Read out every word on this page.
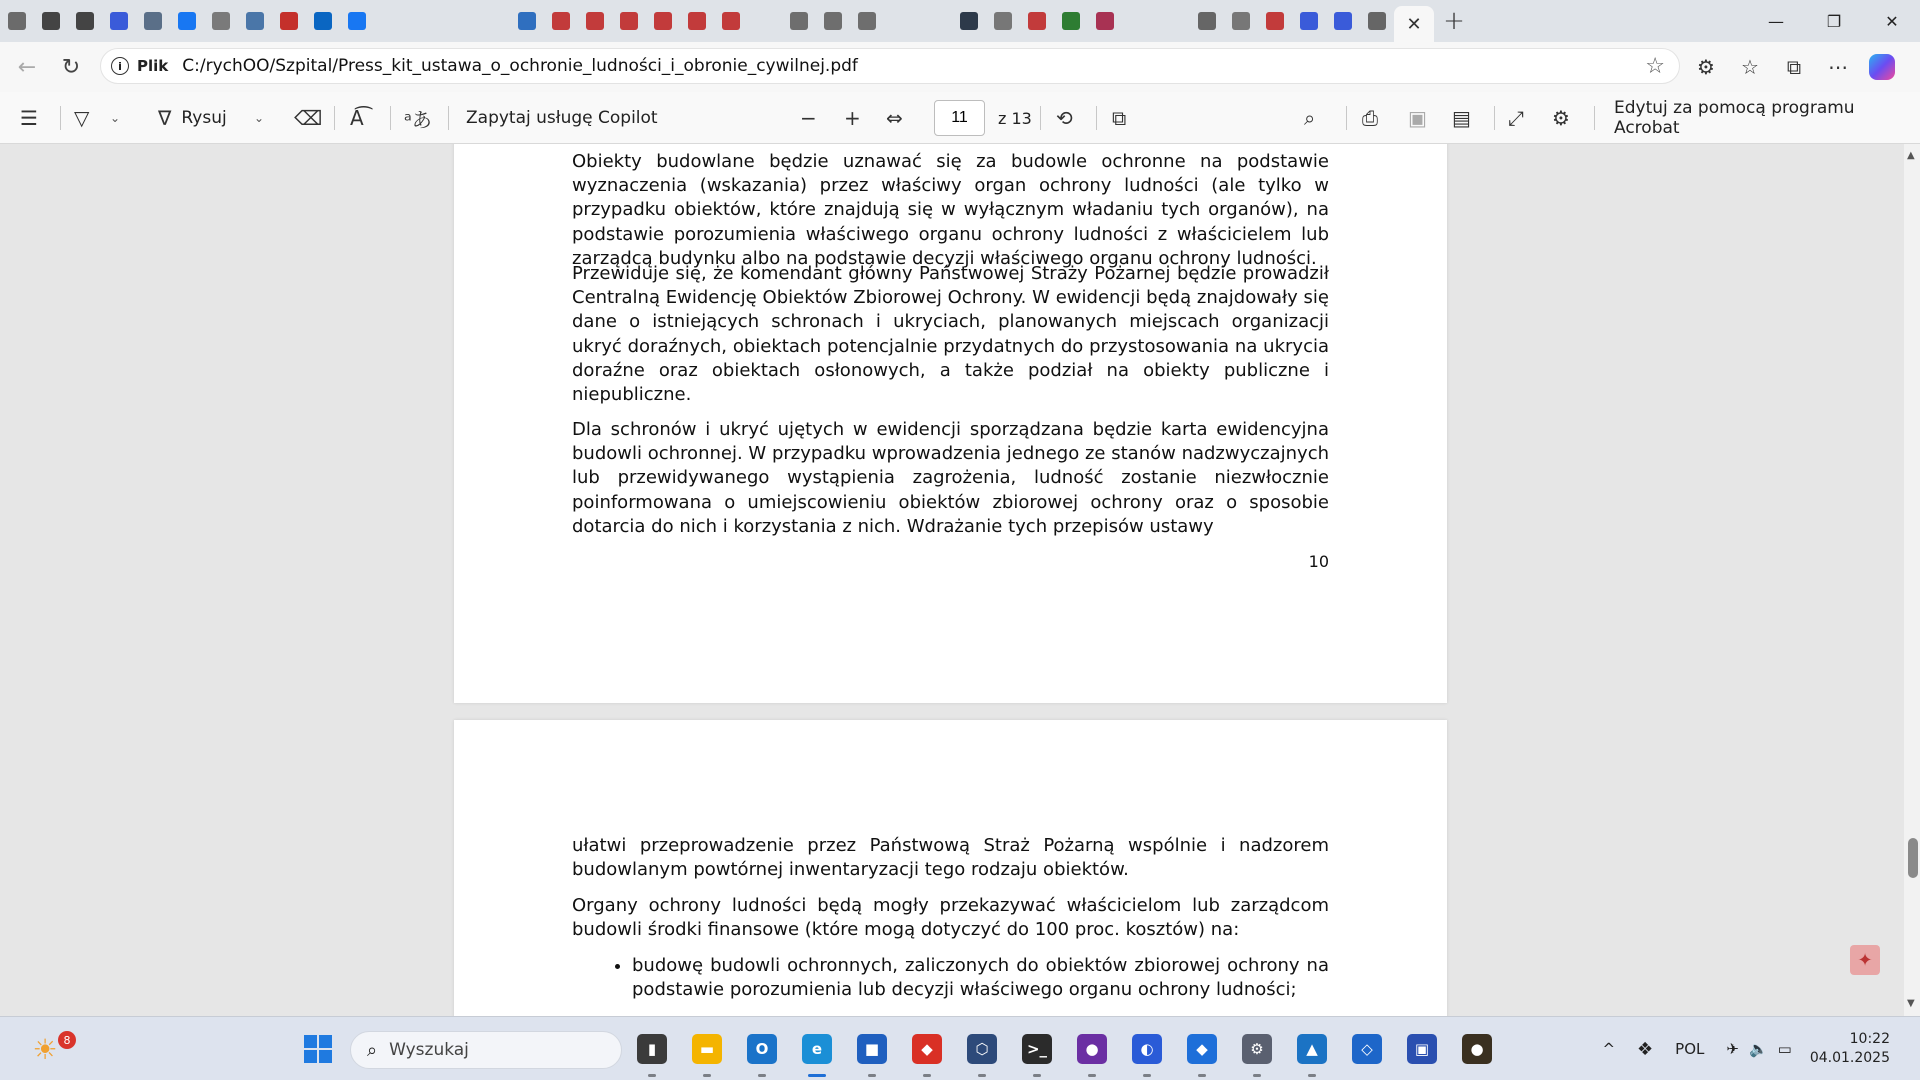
✕ +	—	❐	✕
← ↻	i	Plik C:/rychOO/Szpital/Press_kit_ustawa_o_ochronie_ludności_i_obronie_cywilnej.pdf	☆ ⚙ ☆ ⧉ ⋯
☰ ▽ ⌄ ∇ Rysuj ⌄ ⌫ A͡ ᵃあ Zapytaj usługę Copilot	− + ⇔
11	z 13 ⟲ ⧉	⌕ ⎙ ▣ ▤ ⤢ ⚙	Edytuj za pomocą programu Acrobat

Obiekty budowlane będzie uznawać się za budowle ochronne na podstawie wyznaczenia (wskazania) przez właściwy organ ochrony ludności (ale tylko w przypadku obiektów, które znajdują się w wyłącznym władaniu tych organów), na podstawie porozumienia właściwego organu ochrony ludności z właścicielem lub zarządcą budynku albo na podstawie decyzji właściwego organu ochrony ludności.

Przewiduje się, że komendant główny Państwowej Straży Pożarnej będzie prowadził Centralną Ewidencję Obiektów Zbiorowej Ochrony. W ewidencji będą znajdowały się dane o istniejących schronach i ukryciach, planowanych miejscach organizacji ukryć doraźnych, obiektach potencjalnie przydatnych do przystosowania na ukrycia doraźne oraz obiektach osłonowych, a także podział na obiekty publiczne i niepubliczne.

Dla schronów i ukryć ujętych w ewidencji sporządzana będzie karta ewidencyjna budowli ochronnej. W przypadku wprowadzenia jednego ze stanów nadzwyczajnych lub przewidywanego wystąpienia zagrożenia, ludność zostanie niezwłocznie poinformowana o umiejscowieniu obiektów zbiorowej ochrony oraz o sposobie dotarcia do nich i korzystania z nich. Wdrażanie tych przepisów ustawy

10

ułatwi przeprowadzenie przez Państwową Straż Pożarną wspólnie i nadzorem budowlanym powtórnej inwentaryzacji tego rodzaju obiektów.

Organy ochrony ludności będą mogły przekazywać właścicielom lub zarządcom budowli środki finansowe (które mogą dotyczyć do 100 proc. kosztów) na:

• budowę budowli ochronnych, zaliczonych do obiektów zbiorowej ochrony na podstawie porozumienia lub decyzji właściwego organu ochrony ludności;
▲
▼
✦
☀ 8	⌕ Wyszukaj	▮	▬	O	e	■	◆	⬡	>_	●	◐	◆	⚙	▲	◇	▣	●	^ ❖ POL ✈ 🔈 ▭
10:22
04.01.2025
